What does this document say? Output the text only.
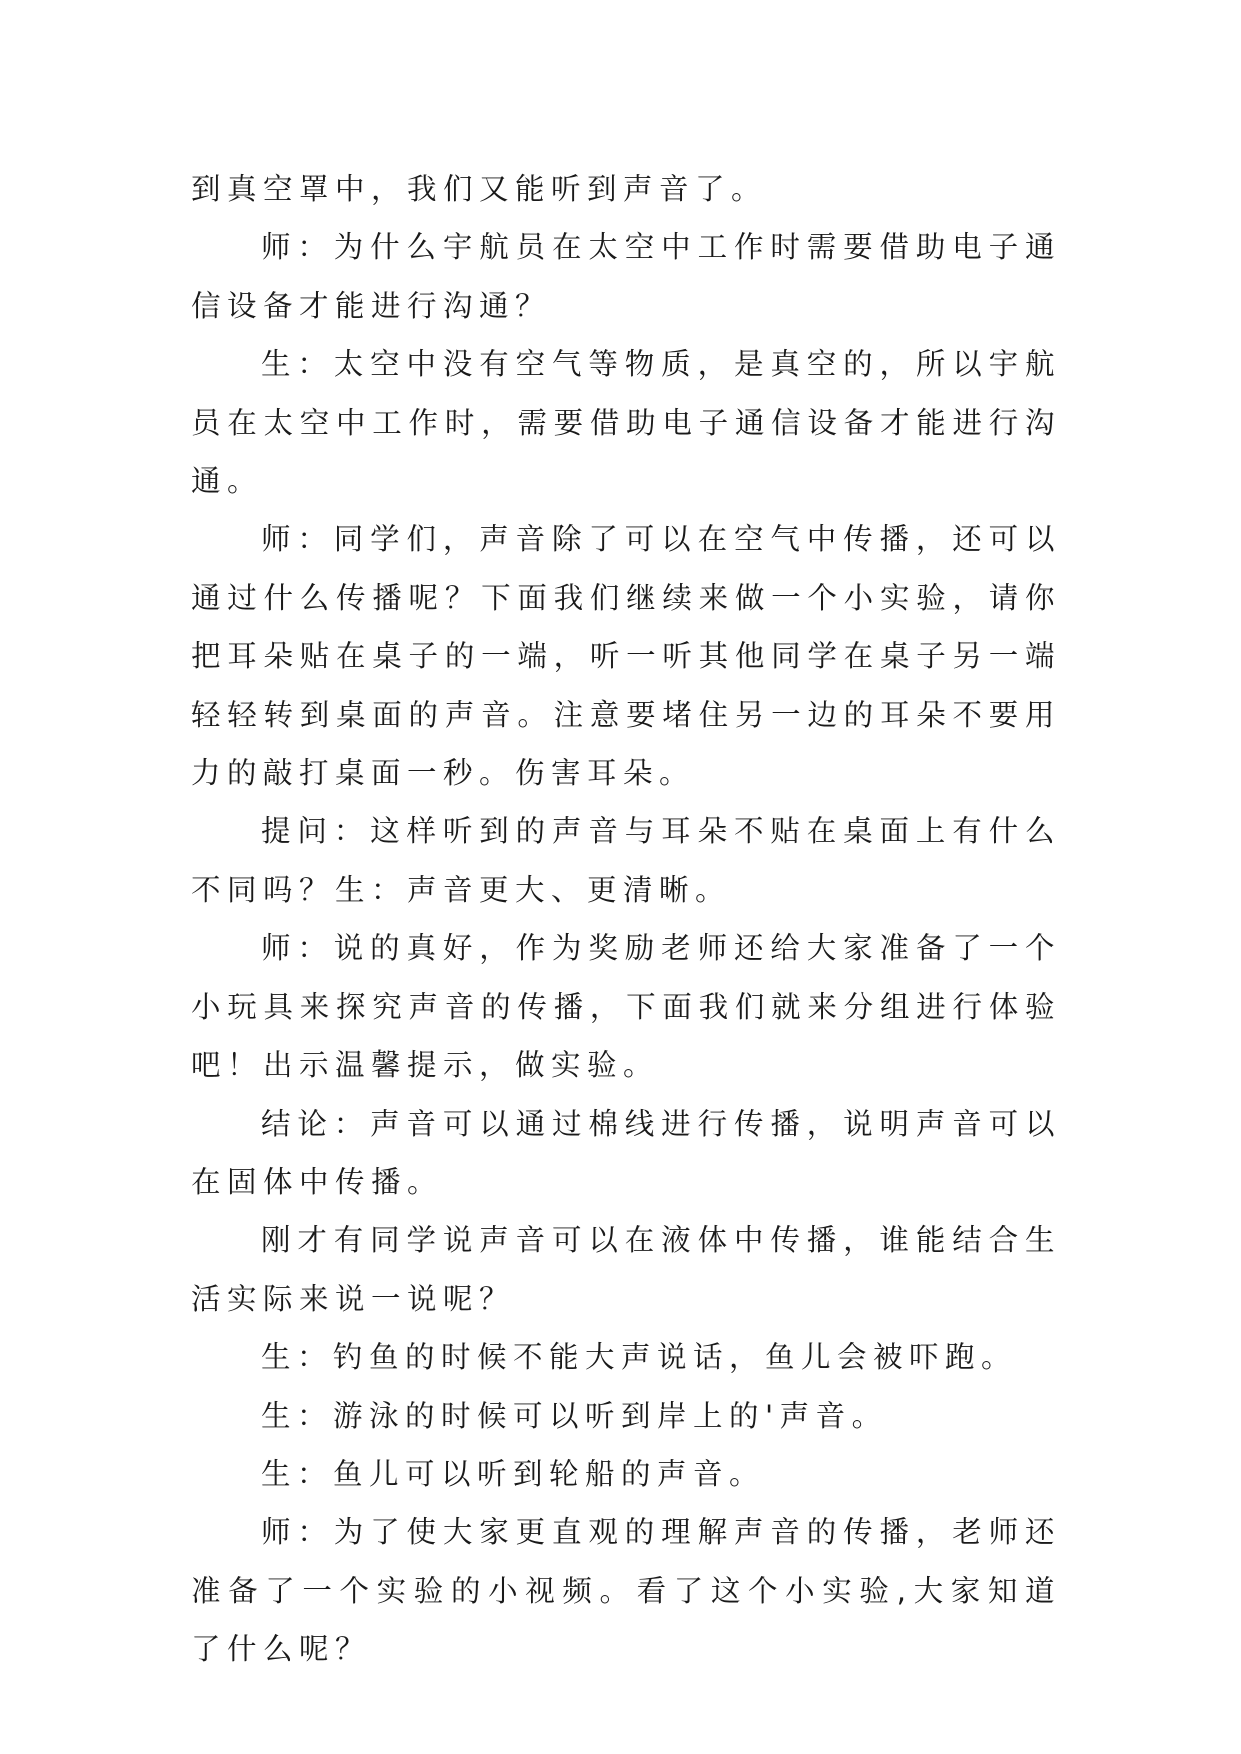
到真空罩中，我们又能听到声音了。

师：为什么宇航员在太空中工作时需要借助电子通信设备才能进行沟通？

生：太空中没有空气等物质，是真空的，所以宇航员在太空中工作时，需要借助电子通信设备才能进行沟通。

师：同学们，声音除了可以在空气中传播，还可以通过什么传播呢？下面我们继续来做一个小实验，请你把耳朵贴在桌子的一端，听一听其他同学在桌子另一端轻轻转到桌面的声音。注意要堵住另一边的耳朵不要用力的敲打桌面一秒。伤害耳朵。

提问：这样听到的声音与耳朵不贴在桌面上有什么不同吗？生：声音更大、更清晰。

师：说的真好，作为奖励老师还给大家准备了一个小玩具来探究声音的传播，下面我们就来分组进行体验吧！出示温馨提示，做实验。

结论：声音可以通过棉线进行传播，说明声音可以在固体中传播。

刚才有同学说声音可以在液体中传播，谁能结合生活实际来说一说呢？

生：钓鱼的时候不能大声说话，鱼儿会被吓跑。

生：游泳的时候可以听到岸上的'声音。

生：鱼儿可以听到轮船的声音。

师：为了使大家更直观的理解声音的传播，老师还准备了一个实验的小视频。看了这个小实验,大家知道了什么呢？
